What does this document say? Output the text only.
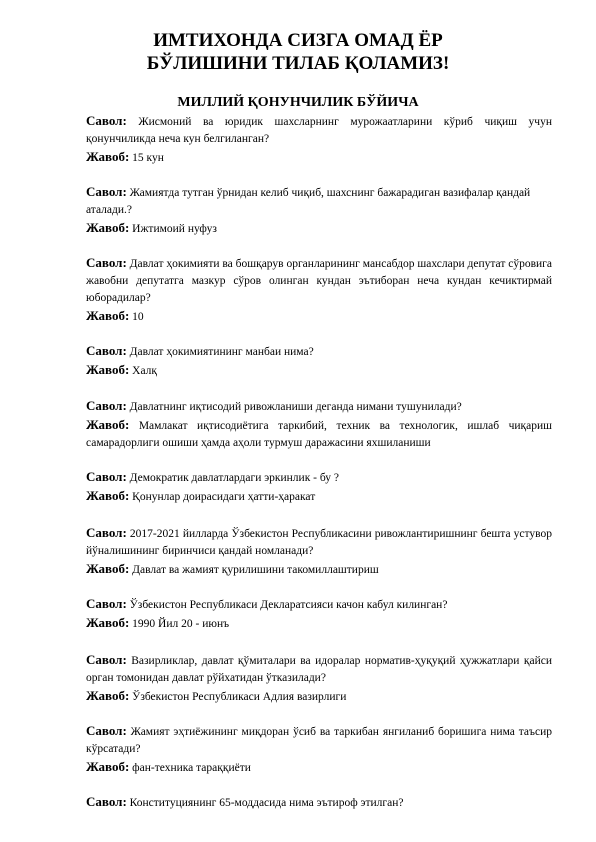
ИМТИХОНДА СИЗГА ОМАД ЁР
БЎЛИШИНИ ТИЛАБ ҚОЛАМИЗ!
МИЛЛИЙ ҚОНУНЧИЛИК БЎЙИЧА

Савол: Жисмоний ва юридик шахсларнинг мурожаатларини кўриб чиқиш учун қонунчиликда неча кун белгиланган?

Жавоб: 15 кун

Савол: Жамиятда тутган ўрнидан келиб чиқиб, шахснинг бажарадиган вазифалар қандай аталади.?

Жавоб: Ижтимоий нуфуз

Савол: Давлат ҳокимияти ва бошқарув органларининг мансабдор шахслари депутат сўровига жавобни депутатга мазкур сўров олинган кундан эътиборан неча кундан кечиктирмай юборадилар?

Жавоб: 10

Савол: Давлат ҳокимиятининг манбаи нима?

Жавоб: Халқ

Савол: Давлатнинг иқтисодий ривожланиши деганда нимани тушунилади?

Жавоб: Мамлакат иқтисодиётига таркибий, техник ва технологик, ишлаб чиқариш самарадорлиги ошиши ҳамда аҳоли турмуш даражасини яхшиланиши

Савол: Демократик давлатлардаги эркинлик - бу ?

Жавоб: Қонунлар доирасидаги ҳатти-ҳаракат

Савол: 2017-2021 йилларда Ўзбекистон Республикасини ривожлантиришнинг бешта устувор йўналишининг биринчиси қандай номланади?

Жавоб: Давлат ва жамият қурилишини такомиллаштириш

Савол: Ўзбекистон Республикаси Декларатсияси качон кабул килинган?

Жавоб: 1990 Йил 20 - июнъ

Савол: Вазирликлар, давлат қўмиталари ва идоралар норматив-ҳуқуқий ҳужжатлари қайси орган томонидан давлат рўйхатидан ўтказилади?

Жавоб: Ўзбекистон Республикаси Адлия вазирлиги

Савол: Жамият эҳтиёжининг миқдоран ўсиб ва таркибан янгиланиб боришига нима таъсир кўрсатади?

Жавоб: фан-техника тараққиёти

Савол: Конституциянинг 65-моддасида нима эътироф этилган?
